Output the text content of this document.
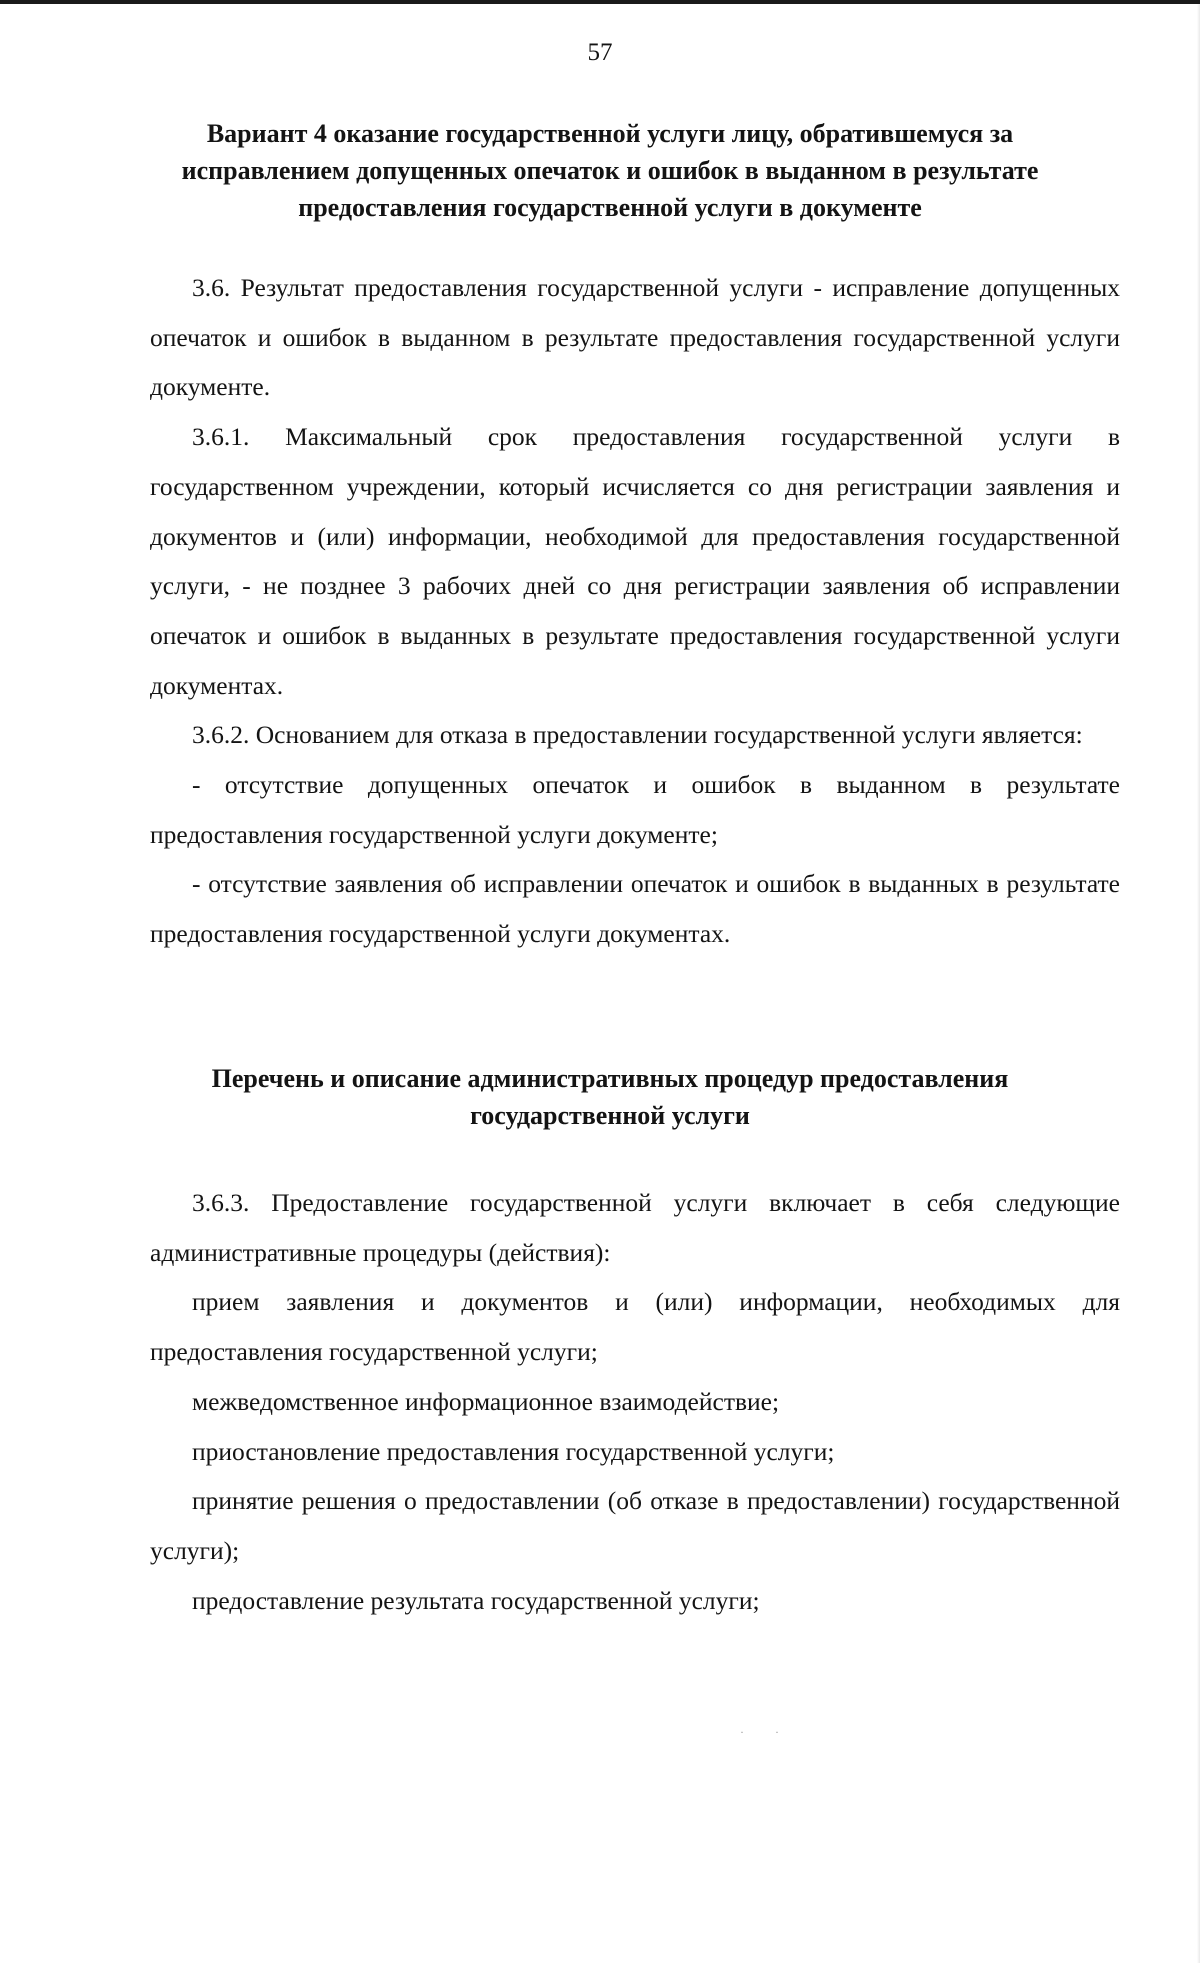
57
Вариант 4 оказание государственной услуги лицу, обратившемуся за исправлением допущенных опечаток и ошибок в выданном в результате предоставления государственной услуги в документе

3.6. Результат предоставления государственной услуги - исправление допущенных опечаток и ошибок в выданном в результате предоставления государственной услуги документе.

3.6.1. Максимальный срок предоставления государственной услуги в государственном учреждении, который исчисляется со дня регистрации заявления и документов и (или) информации, необходимой для предоставления государственной услуги, - не позднее 3 рабочих дней со дня регистрации заявления об исправлении опечаток и ошибок в выданных в результате предоставления государственной услуги документах.

3.6.2. Основанием для отказа в предоставлении государственной услуги является:

- отсутствие допущенных опечаток и ошибок в выданном в результате предоставления государственной услуги документе;

- отсутствие заявления об исправлении опечаток и ошибок в выданных в результате предоставления государственной услуги документах.

Перечень и описание административных процедур предоставления государственной услуги

3.6.3. Предоставление государственной услуги включает в себя следующие административные процедуры (действия):

прием заявления и документов и (или) информации, необходимых для предоставления государственной услуги;

межведомственное информационное взаимодействие;

приостановление предоставления государственной услуги;

принятие решения о предоставлении (об отказе в предоставлении) государственной услуги);

предоставление результата государственной услуги;

· ·
